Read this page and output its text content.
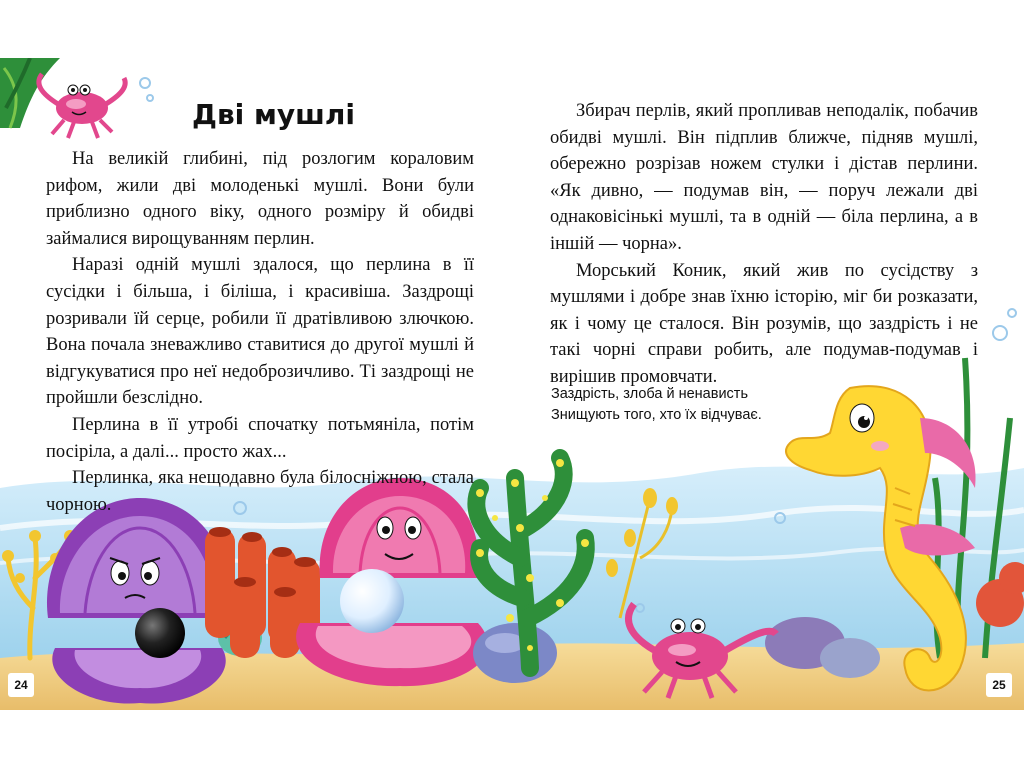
Дві мушлі

На великій глибині, під розлогим кораловим рифом, жили дві молоденькі мушлі. Вони були приблизно одного віку, одного розміру й обидві займалися вирощуванням перлин.

Наразі одній мушлі здалося, що перлина в її сусідки і більша, і біліша, і красивіша. Заздрощі розривали їй серце, робили її дратівливою злючкою. Вона почала зневажливо ставитися до другої мушлі й відгукуватися про неї недоброзичливо. Ті заздрощі не пройшли безслідно.

Перлина в її утробі спочатку потьмяніла, потім посіріла, а далі... просто жах...

Перлинка, яка нещодавно була білосніжною, стала чорною.

Збирач перлів, який пропливав неподалік, побачив обидві мушлі. Він підплив ближче, підняв мушлі, обережно розрізав ножем стулки і дістав перлини. «Як дивно, — подумав він, — поруч лежали дві однаковісінькі мушлі, та в одній — біла перлина, а в іншій — чорна».

Морський Коник, який жив по сусідству з мушлями і добре знав їхню історію, міг би розказати, як і чому це сталося. Він розумів, що заздрість і не такі чорні справи робить, але подумав-подумав і вирішив промовчати.

Заздрість, злоба й ненависть
Знищують того, хто їх відчуває.
24	25
